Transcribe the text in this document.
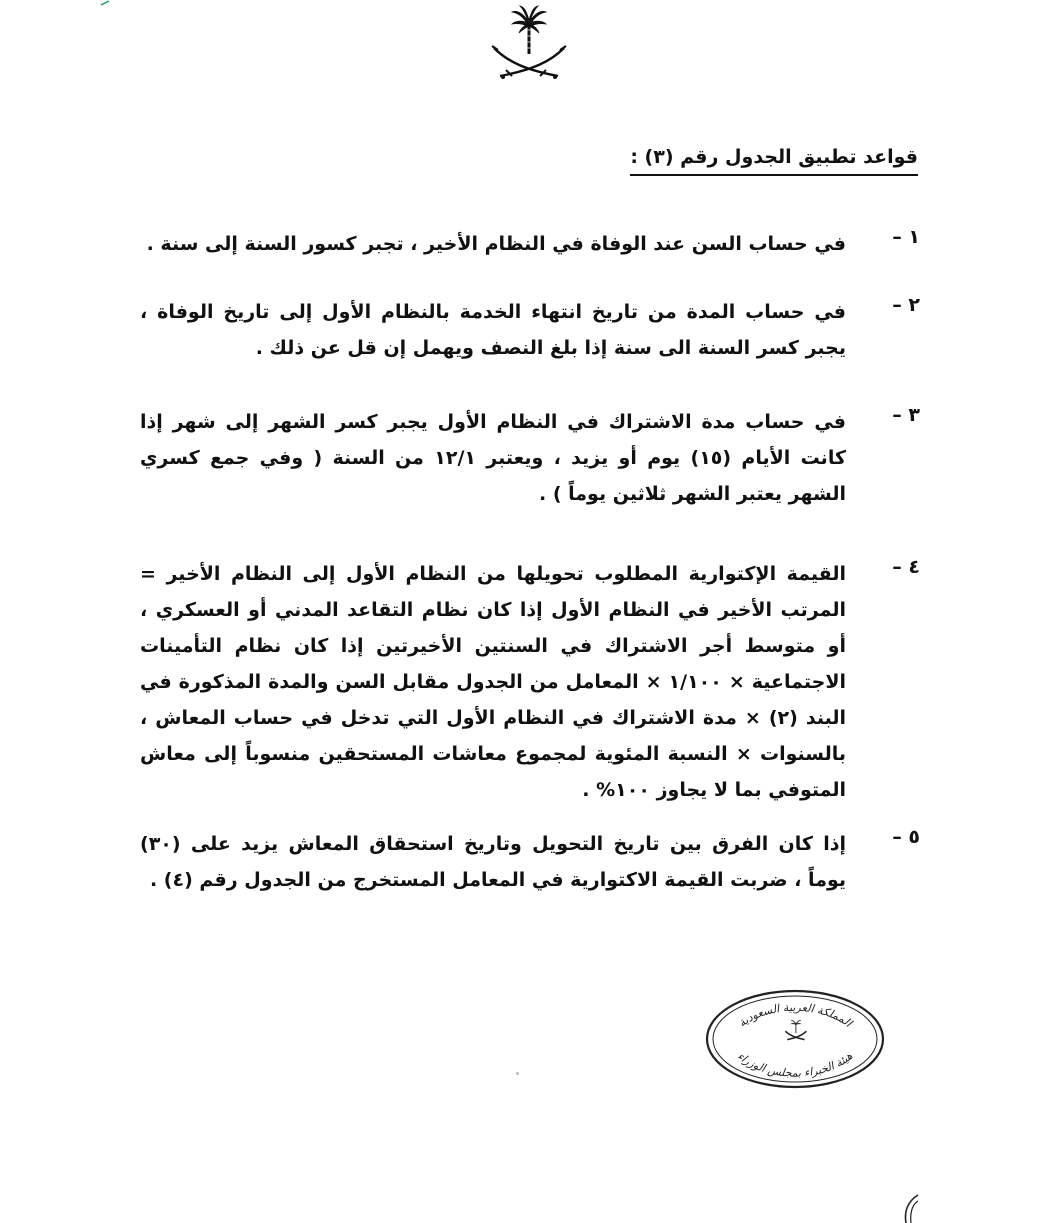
قواعد تطبيق الجدول رقم (٣) :
١ –
في حساب السن عند الوفاة في النظام الأخير ، تجبر كسور السنة إلى سنة .
٢ –
في حساب المدة من تاريخ انتهاء الخدمة بالنظام الأول إلى تاريخ الوفاة ، يجبر كسر السنة الى سنة إذا بلغ النصف ويهمل إن قل عن ذلك .
٣ –
في حساب مدة الاشتراك في النظام الأول يجبر كسر الشهر إلى شهر إذا كانت الأيام (١٥) يوم أو يزيد ، ويعتبر ١٢/١ من السنة ( وفي جمع كسري الشهر يعتبر الشهر ثلاثين يوماً ) .
٤ –
القيمة الإكتوارية المطلوب تحويلها من النظام الأول إلى النظام الأخير = المرتب الأخير في النظام الأول إذا كان نظام التقاعد المدني أو العسكري ، أو متوسط أجر الاشتراك في السنتين الأخيرتين إذا كان نظام التأمينات الاجتماعية × ١/١٠٠ × المعامل من الجدول مقابل السن والمدة المذكورة في البند (٢) × مدة الاشتراك في النظام الأول التي تدخل في حساب المعاش ، بالسنوات × النسبة المئوية لمجموع معاشات المستحقين منسوباً إلى معاش المتوفي بما لا يجاوز ١٠٠% .
٥ –
إذا كان الفرق بين تاريخ التحويل وتاريخ استحقاق المعاش يزيد على (٣٠) يوماً ، ضربت القيمة الاكتوارية في المعامل المستخرج من الجدول رقم (٤) .
المملكة العربية السعودية
هيئة الخبراء بمجلس الوزراء
